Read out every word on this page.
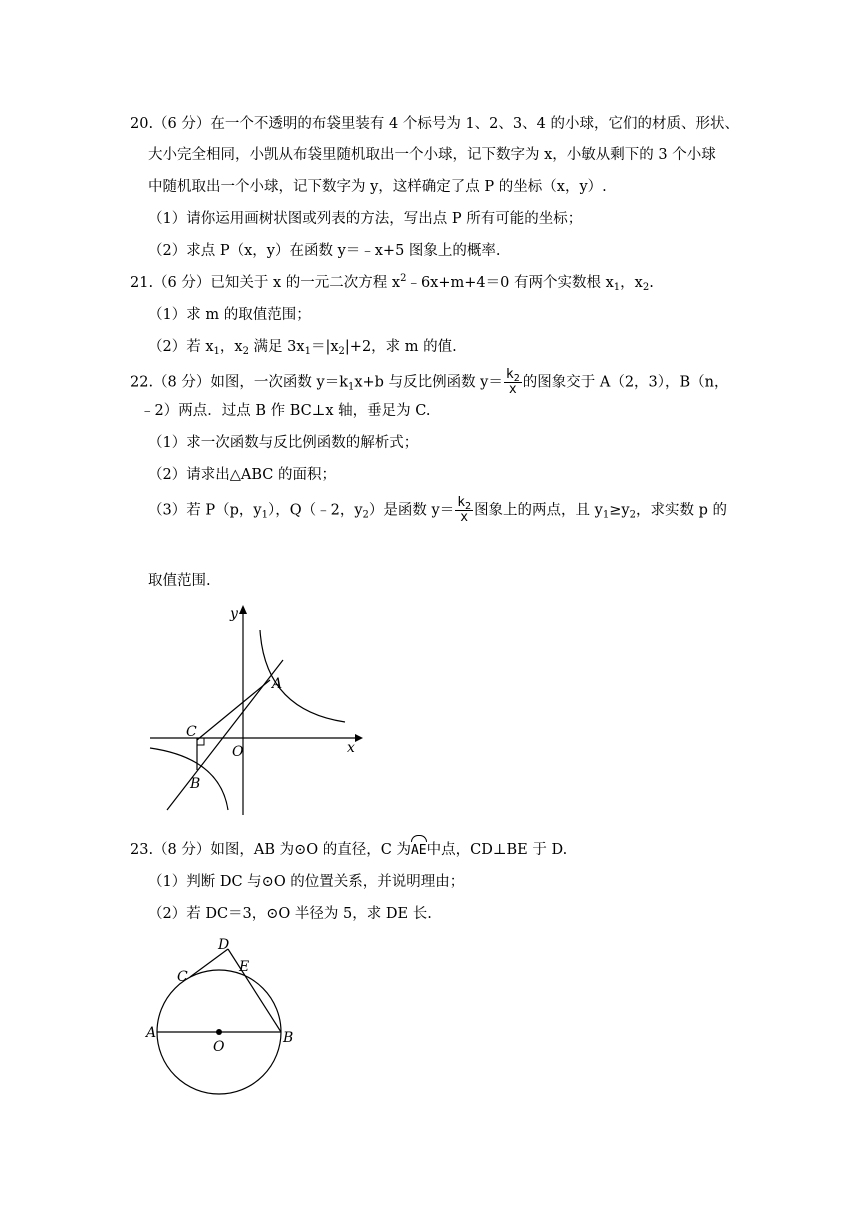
20.（6 分）在一个不透明的布袋里装有 4 个标号为 1、2、3、4 的小球，它们的材质、形状、
大小完全相同，小凯从布袋里随机取出一个小球，记下数字为 x，小敏从剩下的 3 个小球
中随机取出一个小球，记下数字为 y，这样确定了点 P 的坐标（x，y）.
（1）请你运用画树状图或列表的方法，写出点 P 所有可能的坐标；
（2）求点 P（x，y）在函数 y＝﹣x+5 图象上的概率.
21.（6 分）已知关于 x 的一元二次方程 $x^2﹣6x+m+4=0$ 有两个实数根 $x_1$，$x_2$.
（1）求 m 的取值范围；
（2）若 $x_1$，$x_2$ 满足 $3x_1=|x_2|+2$，求 m 的值.
22.（8 分）如图，一次函数 $y=k_1x+b$ 与反比例函数 $y= \frac{k_2}{x}$ 的图象交于 A（2，3），B（n，
﹣2）两点．过点 B 作 BC⊥x 轴，垂足为 C.
（1）求一次函数与反比例函数的解析式；
（2）请求出△ABC 的面积；
（3）若 P（p，$y_1$），Q（﹣2，$y_2$）是函数 $y= \frac{k_2}{x}$ 图象上的两点，且 $y_1\ge y_2$，求实数 p 的
取值范围.
y
x
A
B
C
O
23.（8 分）如图，AB 为⊙O 的直径，C 为AE中点，CD⊥BE 于 D.
（1）判断 DC 与⊙O 的位置关系，并说明理由；
（2）若 DC＝3，⊙O 半径为 5，求 DE 长.
A	B
C
D
E
O
